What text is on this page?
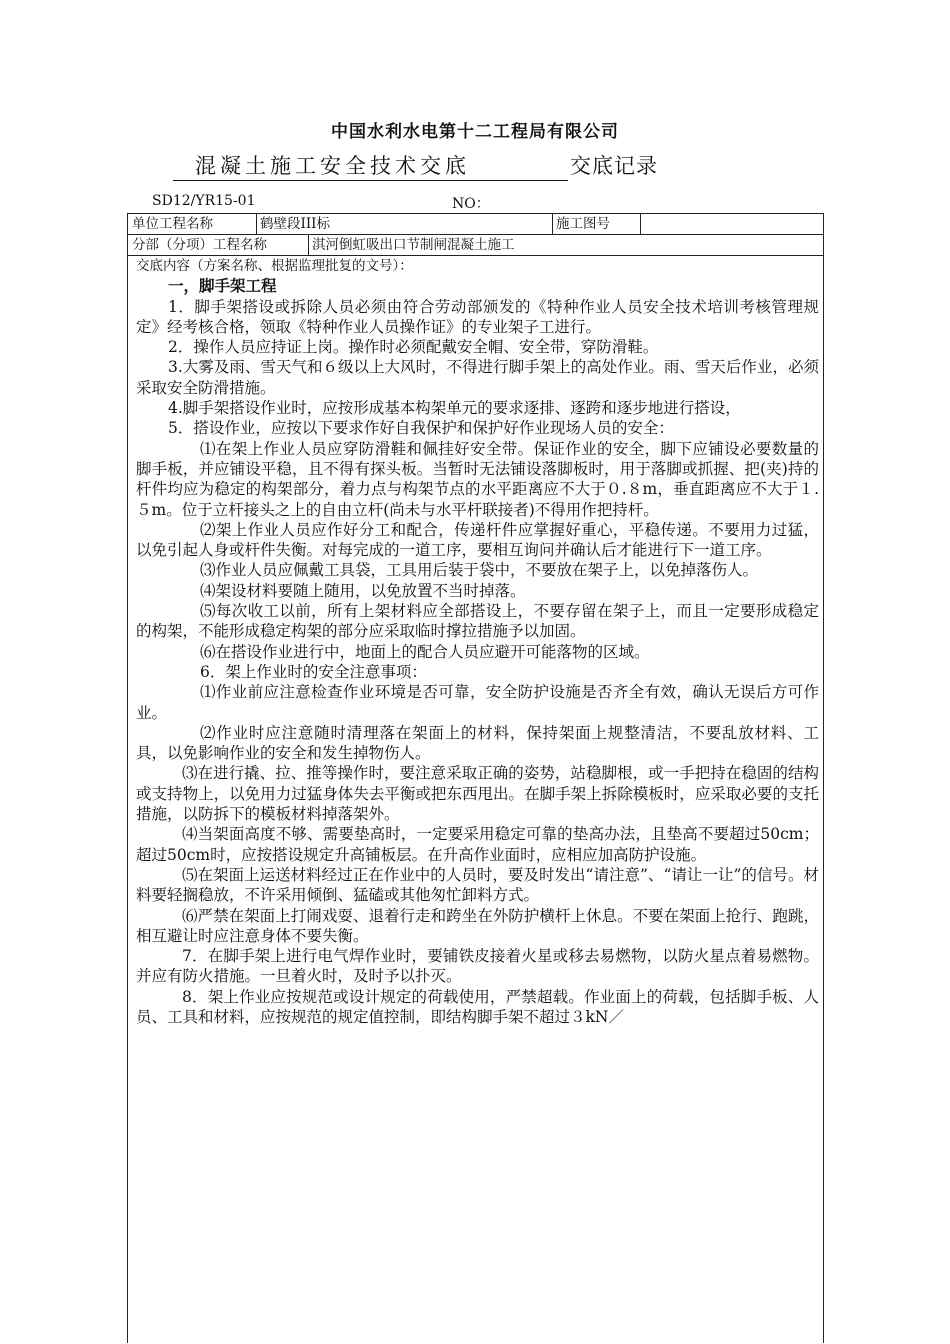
中国水利水电第十二工程局有限公司
混凝土施工安全技术交底	交底记录
SD12/YR15-01	NO：
单位工程名称	鹤壁段III标	施工图号
分部（分项）工程名称	淇河倒虹吸出口节制闸混凝土施工

交底内容（方案名称、根据监理批复的文号）：

一，脚手架工程

1．脚手架搭设或拆除人员必须由符合劳动部颁发的《特种作业人员安全技术培训考核管理规定》经考核合格，领取《特种作业人员操作证》的专业架子工进行。

2．操作人员应持证上岗。操作时必须配戴安全帽、安全带，穿防滑鞋。

3.大雾及雨、雪天气和６级以上大风时，不得进行脚手架上的高处作业。雨、雪天后作业，必须采取安全防滑措施。

4.脚手架搭设作业时，应按形成基本构架单元的要求逐排、逐跨和逐步地进行搭设，

5．搭设作业，应按以下要求作好自我保护和保护好作业现场人员的安全：

⑴在架上作业人员应穿防滑鞋和佩挂好安全带。保证作业的安全，脚下应铺设必要数量的脚手板，并应铺设平稳，且不得有探头板。当暂时无法铺设落脚板时，用于落脚或抓握、把(夹)持的杆件均应为稳定的构架部分，着力点与构架节点的水平距离应不大于０.８m，垂直距离应不大于１.５m。位于立杆接头之上的自由立杆(尚未与水平杆联接者)不得用作把持杆。

⑵架上作业人员应作好分工和配合，传递杆件应掌握好重心，平稳传递。不要用力过猛，以免引起人身或杆件失衡。对每完成的一道工序，要相互询问并确认后才能进行下一道工序。

⑶作业人员应佩戴工具袋，工具用后装于袋中，不要放在架子上，以免掉落伤人。

⑷架设材料要随上随用，以免放置不当时掉落。

⑸每次收工以前，所有上架材料应全部搭设上，不要存留在架子上，而且一定要形成稳定的构架，不能形成稳定构架的部分应采取临时撑拉措施予以加固。

⑹在搭设作业进行中，地面上的配合人员应避开可能落物的区域。

6．架上作业时的安全注意事项：

⑴作业前应注意检查作业环境是否可靠，安全防护设施是否齐全有效，确认无误后方可作业。

⑵作业时应注意随时清理落在架面上的材料，保持架面上规整清洁，不要乱放材料、工具，以免影响作业的安全和发生掉物伤人。

⑶在进行撬、拉、推等操作时，要注意采取正确的姿势，站稳脚根，或一手把持在稳固的结构或支持物上，以免用力过猛身体失去平衡或把东西甩出。在脚手架上拆除模板时，应采取必要的支托措施，以防拆下的模板材料掉落架外。

⑷当架面高度不够、需要垫高时，一定要采用稳定可靠的垫高办法，且垫高不要超过50cm；超过50cm时，应按搭设规定升高铺板层。在升高作业面时，应相应加高防护设施。

⑸在架面上运送材料经过正在作业中的人员时，要及时发出“请注意”、“请让一让”的信号。材料要轻搁稳放，不许采用倾倒、猛磕或其他匆忙卸料方式。

⑹严禁在架面上打闹戏耍、退着行走和跨坐在外防护横杆上休息。不要在架面上抢行、跑跳，相互避让时应注意身体不要失衡。

7．在脚手架上进行电气焊作业时，要铺铁皮接着火星或移去易燃物，以防火星点着易燃物。并应有防火措施。一旦着火时，及时予以扑灭。

8．架上作业应按规范或设计规定的荷载使用，严禁超载。作业面上的荷载，包括脚手板、人员、工具和材料，应按规范的规定值控制，即结构脚手架不超过３kN／
